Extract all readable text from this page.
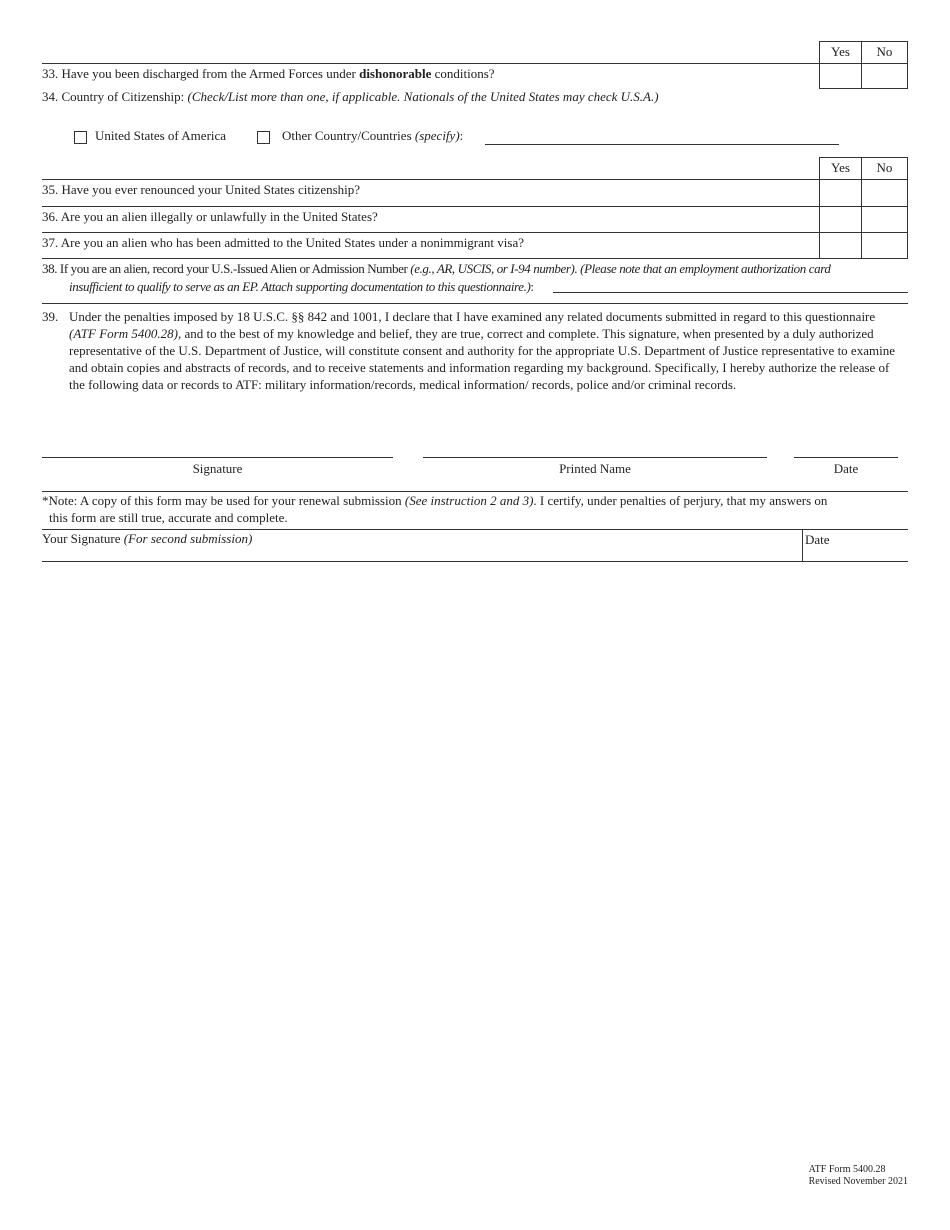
Yes	No
33. Have you been discharged from the Armed Forces under dishonorable conditions?
34. Country of Citizenship: (Check/List more than one, if applicable. Nationals of the United States may check U.S.A.)
United States of America	Other Country/Countries (specify):
Yes	No
35. Have you ever renounced your United States citizenship?
36. Are you an alien illegally or unlawfully in the United States?
37. Are you an alien who has been admitted to the United States under a nonimmigrant visa?
38. If you are an alien, record your U.S.-Issued Alien or Admission Number (e.g., AR, USCIS, or I-94 number). (Please note that an employment authorization card
insufficient to qualify to serve as an EP. Attach supporting documentation to this questionnaire.):
39. Under the penalties imposed by 18 U.S.C. §§ 842 and 1001, I declare that I have examined any related documents submitted in regard to this questionnaire (ATF Form 5400.28), and to the best of my knowledge and belief, they are true, correct and complete. This signature, when presented by a duly authorized representative of the U.S. Department of Justice, will constitute consent and authority for the appropriate U.S. Department of Justice representative to examine and obtain copies and abstracts of records, and to receive statements and information regarding my background. Specifically, I hereby authorize the release of the following data or records to ATF: military information/records, medical information/ records, police and/or criminal records.
Signature	Printed Name	Date
*Note: A copy of this form may be used for your renewal submission (See instruction 2 and 3). I certify, under penalties of perjury, that my answers on
this form are still true, accurate and complete.
Your Signature (For second submission)	Date
ATF Form 5400.28
Revised November 2021
